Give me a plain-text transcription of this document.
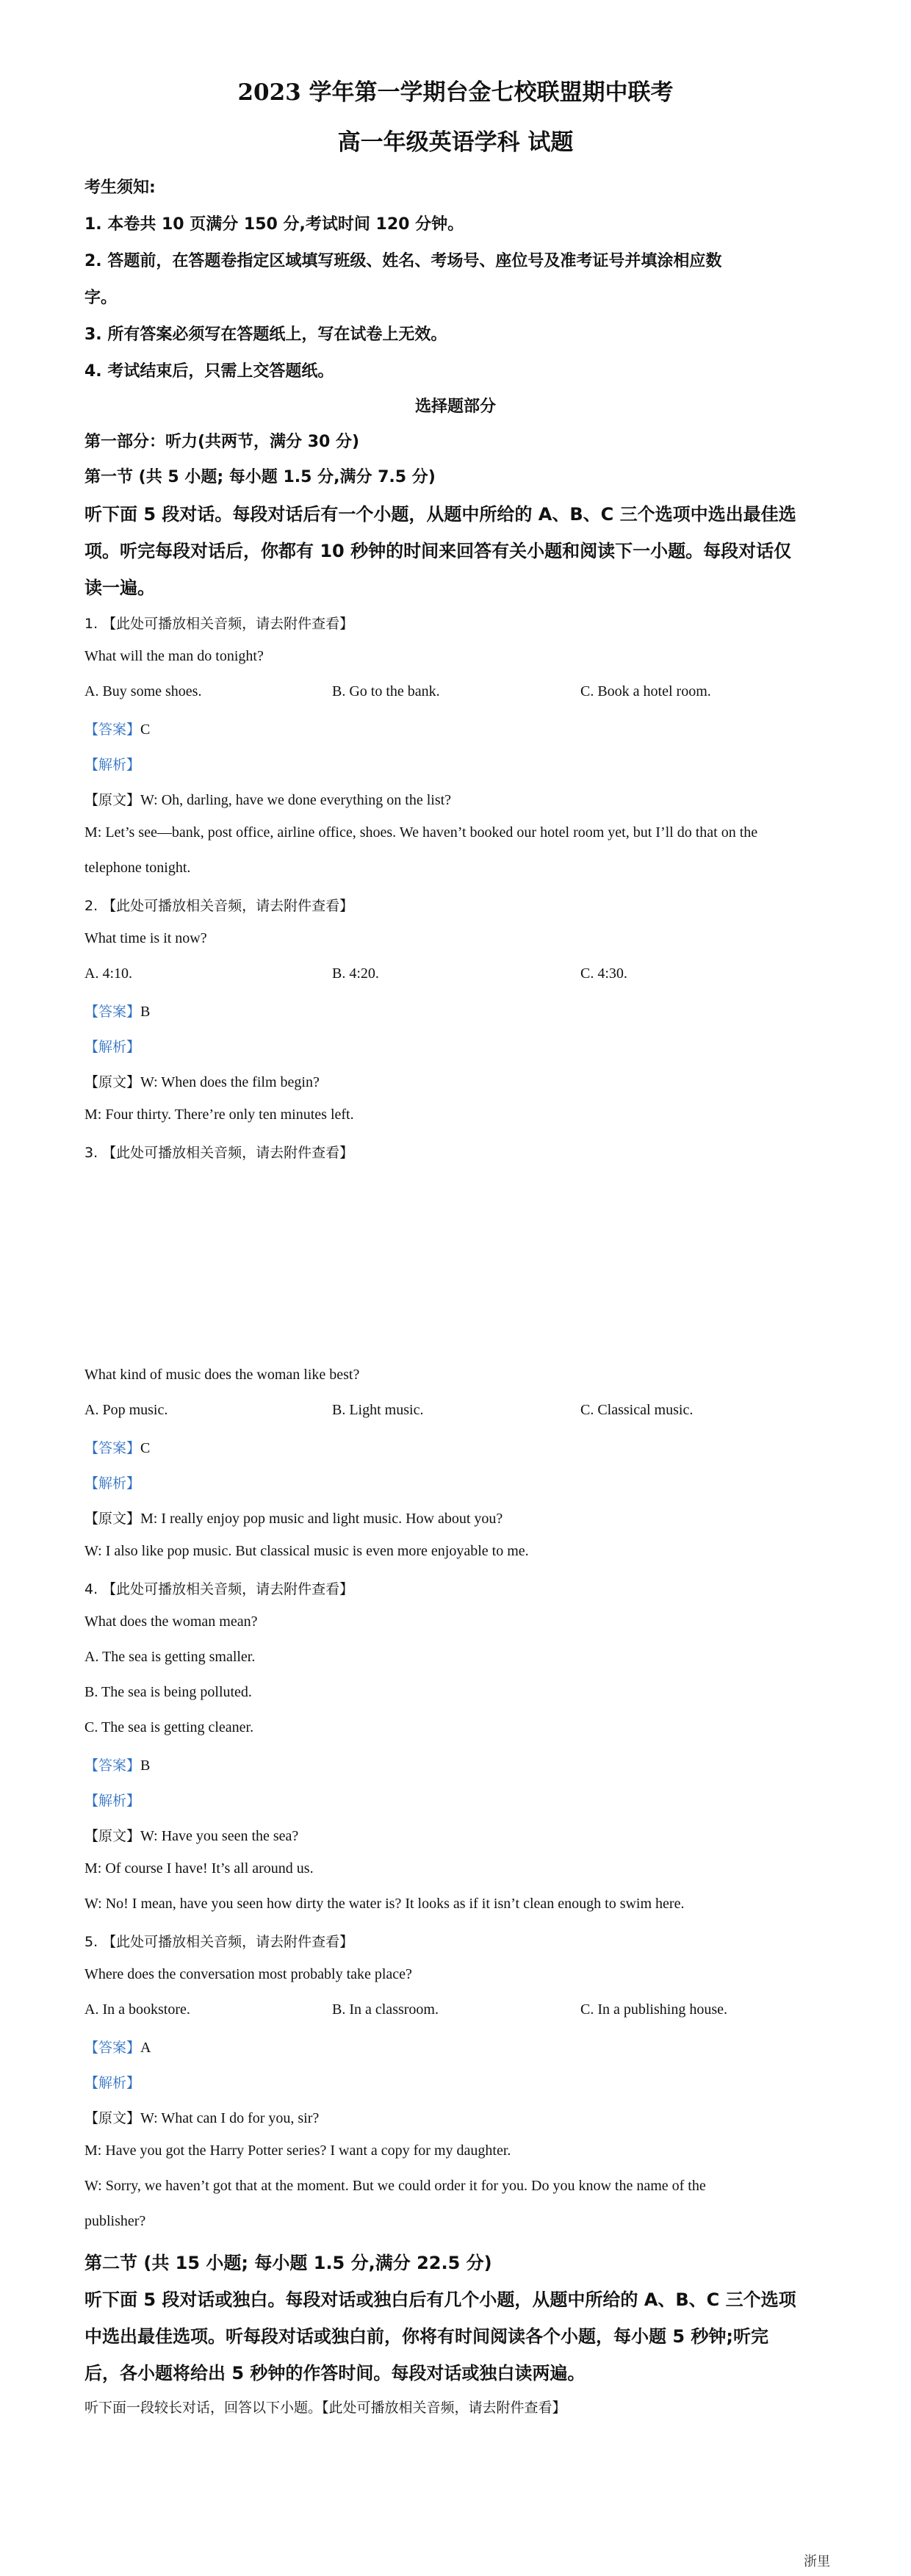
2023 学年第一学期台金七校联盟期中联考
高一年级英语学科 试题
考生须知:
1. 本卷共 10 页满分 150 分,考试时间 120 分钟。
2. 答题前，在答题卷指定区域填写班级、姓名、考场号、座位号及准考证号并填涂相应数
字。
3. 所有答案必须写在答题纸上，写在试卷上无效。
4. 考试结束后，只需上交答题纸。
选择题部分
第一部分：听力(共两节，满分 30 分)
第一节 (共 5 小题; 每小题 1.5 分,满分 7.5 分)
听下面 5 段对话。每段对话后有一个小题，从题中所给的 A、B、C 三个选项中选出最佳选
项。听完每段对话后，你都有 10 秒钟的时间来回答有关小题和阅读下一小题。每段对话仅
读一遍。
1. 【此处可播放相关音频，请去附件查看】
What will the man do tonight?
A. Buy some shoes.	B. Go to the bank.	C. Book a hotel room.
【答案】C
【解析】
【原文】W: Oh, darling, have we done everything on the list?
M: Let’s see—bank, post office, airline office, shoes. We haven’t booked our hotel room yet, but I’ll do that on the
telephone tonight.
2. 【此处可播放相关音频，请去附件查看】
What time is it now?
A. 4:10.	B. 4:20.	C. 4:30.
【答案】B
【解析】
【原文】W: When does the film begin?
M: Four thirty. There’re only ten minutes left.
3. 【此处可播放相关音频，请去附件查看】
What kind of music does the woman like best?
A. Pop music.	B. Light music.	C. Classical music.
【答案】C
【解析】
【原文】M: I really enjoy pop music and light music. How about you?
W: I also like pop music. But classical music is even more enjoyable to me.
4. 【此处可播放相关音频，请去附件查看】
What does the woman mean?
A. The sea is getting smaller.
B. The sea is being polluted.
C. The sea is getting cleaner.
【答案】B
【解析】
【原文】W: Have you seen the sea?
M: Of course I have! It’s all around us.
W: No! I mean, have you seen how dirty the water is? It looks as if it isn’t clean enough to swim here.
5. 【此处可播放相关音频，请去附件查看】
Where does the conversation most probably take place?
A. In a bookstore.	B. In a classroom.	C. In a publishing house.
【答案】A
【解析】
【原文】W: What can I do for you, sir?
M: Have you got the Harry Potter series? I want a copy for my daughter.
W: Sorry, we haven’t got that at the moment. But we could order it for you. Do you know the name of the
publisher?
第二节 (共 15 小题; 每小题 1.5 分,满分 22.5 分)
听下面 5 段对话或独白。每段对话或独白后有几个小题，从题中所给的 A、B、C 三个选项
中选出最佳选项。听每段对话或独白前，你将有时间阅读各个小题，每小题 5 秒钟;听完
后，各小题将给出 5 秒钟的作答时间。每段对话或独白读两遍。
听下面一段较长对话，回答以下小题。【此处可播放相关音频，请去附件查看】
浙里
